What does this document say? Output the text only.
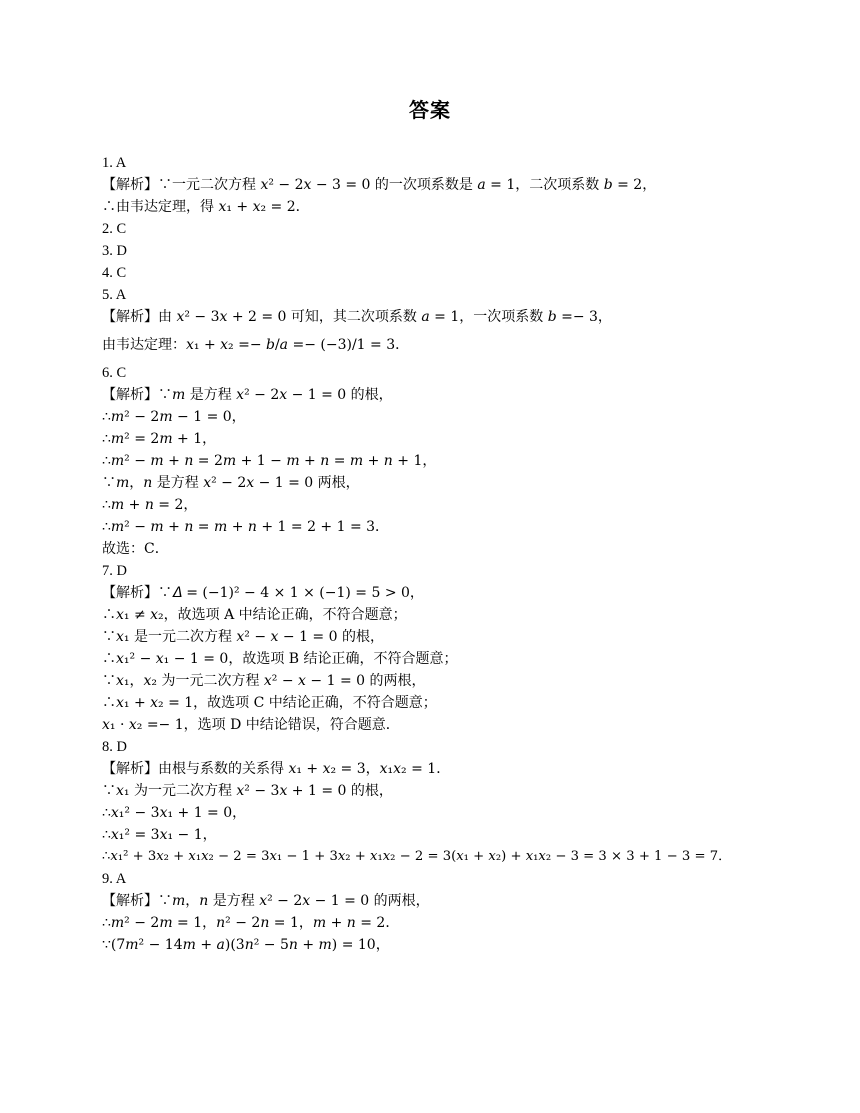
答案
1. A
【解析】∵一元二次方程 𝑥² − 2𝑥 − 3 = 0 的一次项系数是 𝑎 = 1，二次项系数 𝑏 = 2，
∴由韦达定理，得 𝑥₁ + 𝑥₂ = 2．
2. C
3. D
4. C
5. A
【解析】由 𝑥² − 3𝑥 + 2 = 0 可知，其二次项系数 𝑎 = 1，一次项系数 𝑏 =− 3，
由韦达定理：𝑥₁ + 𝑥₂ =− 𝑏/𝑎 =− (−3)/1 = 3．
6. C
【解析】∵𝑚 是方程 𝑥² − 2𝑥 − 1 = 0 的根，
∴𝑚² − 2𝑚 − 1 = 0，
∴𝑚² = 2𝑚 + 1，
∴𝑚² − 𝑚 + 𝑛 = 2𝑚 + 1 − 𝑚 + 𝑛 = 𝑚 + 𝑛 + 1，
∵𝑚，𝑛 是方程 𝑥² − 2𝑥 − 1 = 0 两根，
∴𝑚 + 𝑛 = 2，
∴𝑚² − 𝑚 + 𝑛 = 𝑚 + 𝑛 + 1 = 2 + 1 = 3．
故选：C．
7. D
【解析】∵𝛥 = (−1)² − 4 × 1 × (−1) = 5 > 0，
∴𝑥₁ ≠ 𝑥₂，故选项 A 中结论正确，不符合题意；
∵𝑥₁ 是一元二次方程 𝑥² − 𝑥 − 1 = 0 的根，
∴𝑥₁² − 𝑥₁ − 1 = 0，故选项 B 结论正确，不符合题意；
∵𝑥₁，𝑥₂ 为一元二次方程 𝑥² − 𝑥 − 1 = 0 的两根，
∴𝑥₁ + 𝑥₂ = 1，故选项 C 中结论正确，不符合题意；
𝑥₁ · 𝑥₂ =− 1，选项 D 中结论错误，符合题意．
8. D
【解析】由根与系数的关系得 𝑥₁ + 𝑥₂ = 3，𝑥₁𝑥₂ = 1．
∵𝑥₁ 为一元二次方程 𝑥² − 3𝑥 + 1 = 0 的根，
∴𝑥₁² − 3𝑥₁ + 1 = 0，
∴𝑥₁² = 3𝑥₁ − 1，
∴𝑥₁² + 3𝑥₂ + 𝑥₁𝑥₂ − 2 = 3𝑥₁ − 1 + 3𝑥₂ + 𝑥₁𝑥₂ − 2 = 3(𝑥₁ + 𝑥₂) + 𝑥₁𝑥₂ − 3 = 3 × 3 + 1 − 3 = 7．
9. A
【解析】∵𝑚，𝑛 是方程 𝑥² − 2𝑥 − 1 = 0 的两根，
∴𝑚² − 2𝑚 = 1，𝑛² − 2𝑛 = 1，𝑚 + 𝑛 = 2．
∵(7𝑚² − 14𝑚 + 𝑎)(3𝑛² − 5𝑛 + 𝑚) = 10，
